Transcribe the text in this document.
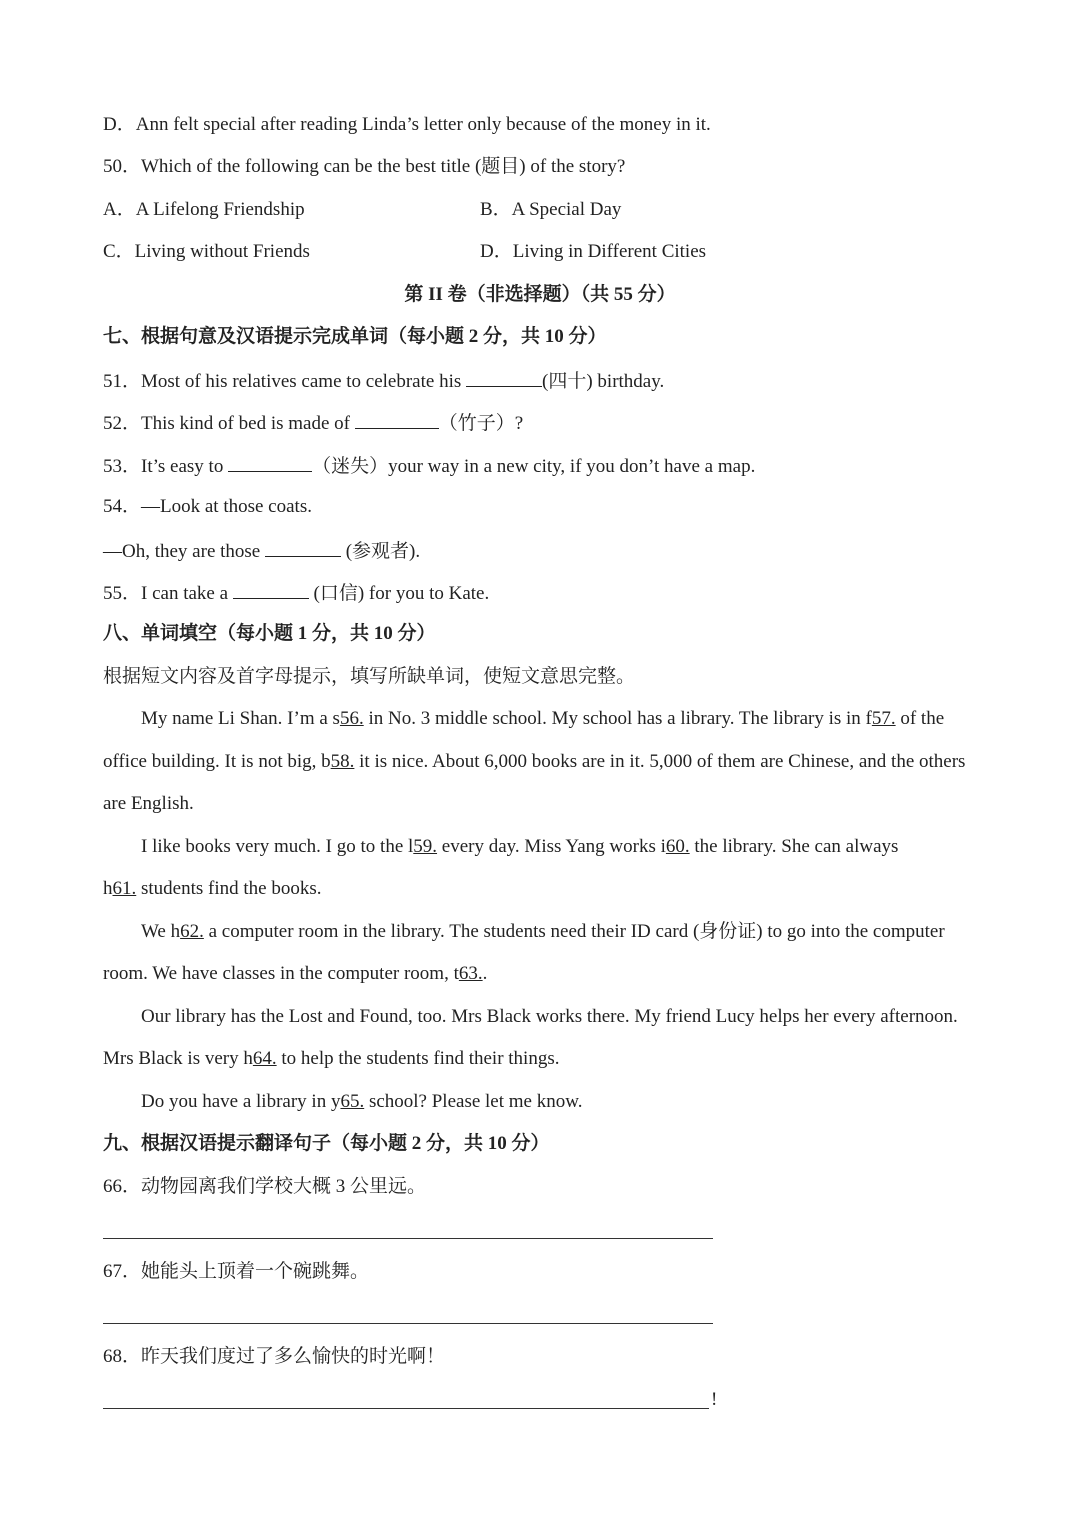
D．Ann felt special after reading Linda’s letter only because of the money in it.
50．Which of the following can be the best title (题目) of the story?
A．A Lifelong Friendship	B．A Special Day
C．Living without Friends	D．Living in Different Cities
第 II 卷（非选择题）（共 55 分）
七、根据句意及汉语提示完成单词（每小题 2 分，共 10 分）
51．Most of his relatives came to celebrate his	(四十) birthday.
52．This kind of bed is made of	（竹子）?
53．It’s easy to	（迷失）your way in a new city, if you don’t have a map.
54．—Look at those coats.
—Oh, they are those	(参观者).
55．I can take a	(口信) for you to Kate.
八、单词填空（每小题 1 分，共 10 分）
根据短文内容及首字母提示，填写所缺单词，使短文意思完整。
My name Li Shan. I’m a s56. in No. 3 middle school. My school has a library. The library is in f57. of the
office building. It is not big, b58. it is nice. About 6,000 books are in it. 5,000 of them are Chinese, and the others
are English.
I like books very much. I go to the l59. every day. Miss Yang works i60. the library. She can always
h61. students find the books.
We h62. a computer room in the library. The students need their ID card (身份证) to go into the computer
room. We have classes in the computer room, t63..
Our library has the Lost and Found, too. Mrs Black works there. My friend Lucy helps her every afternoon.
Mrs Black is very h64. to help the students find their things.
Do you have a library in y65. school? Please let me know.
九、根据汉语提示翻译句子（每小题 2 分，共 10 分）
66．动物园离我们学校大概 3 公里远。
67．她能头上顶着一个碗跳舞。
68．昨天我们度过了多么愉快的时光啊！
!
